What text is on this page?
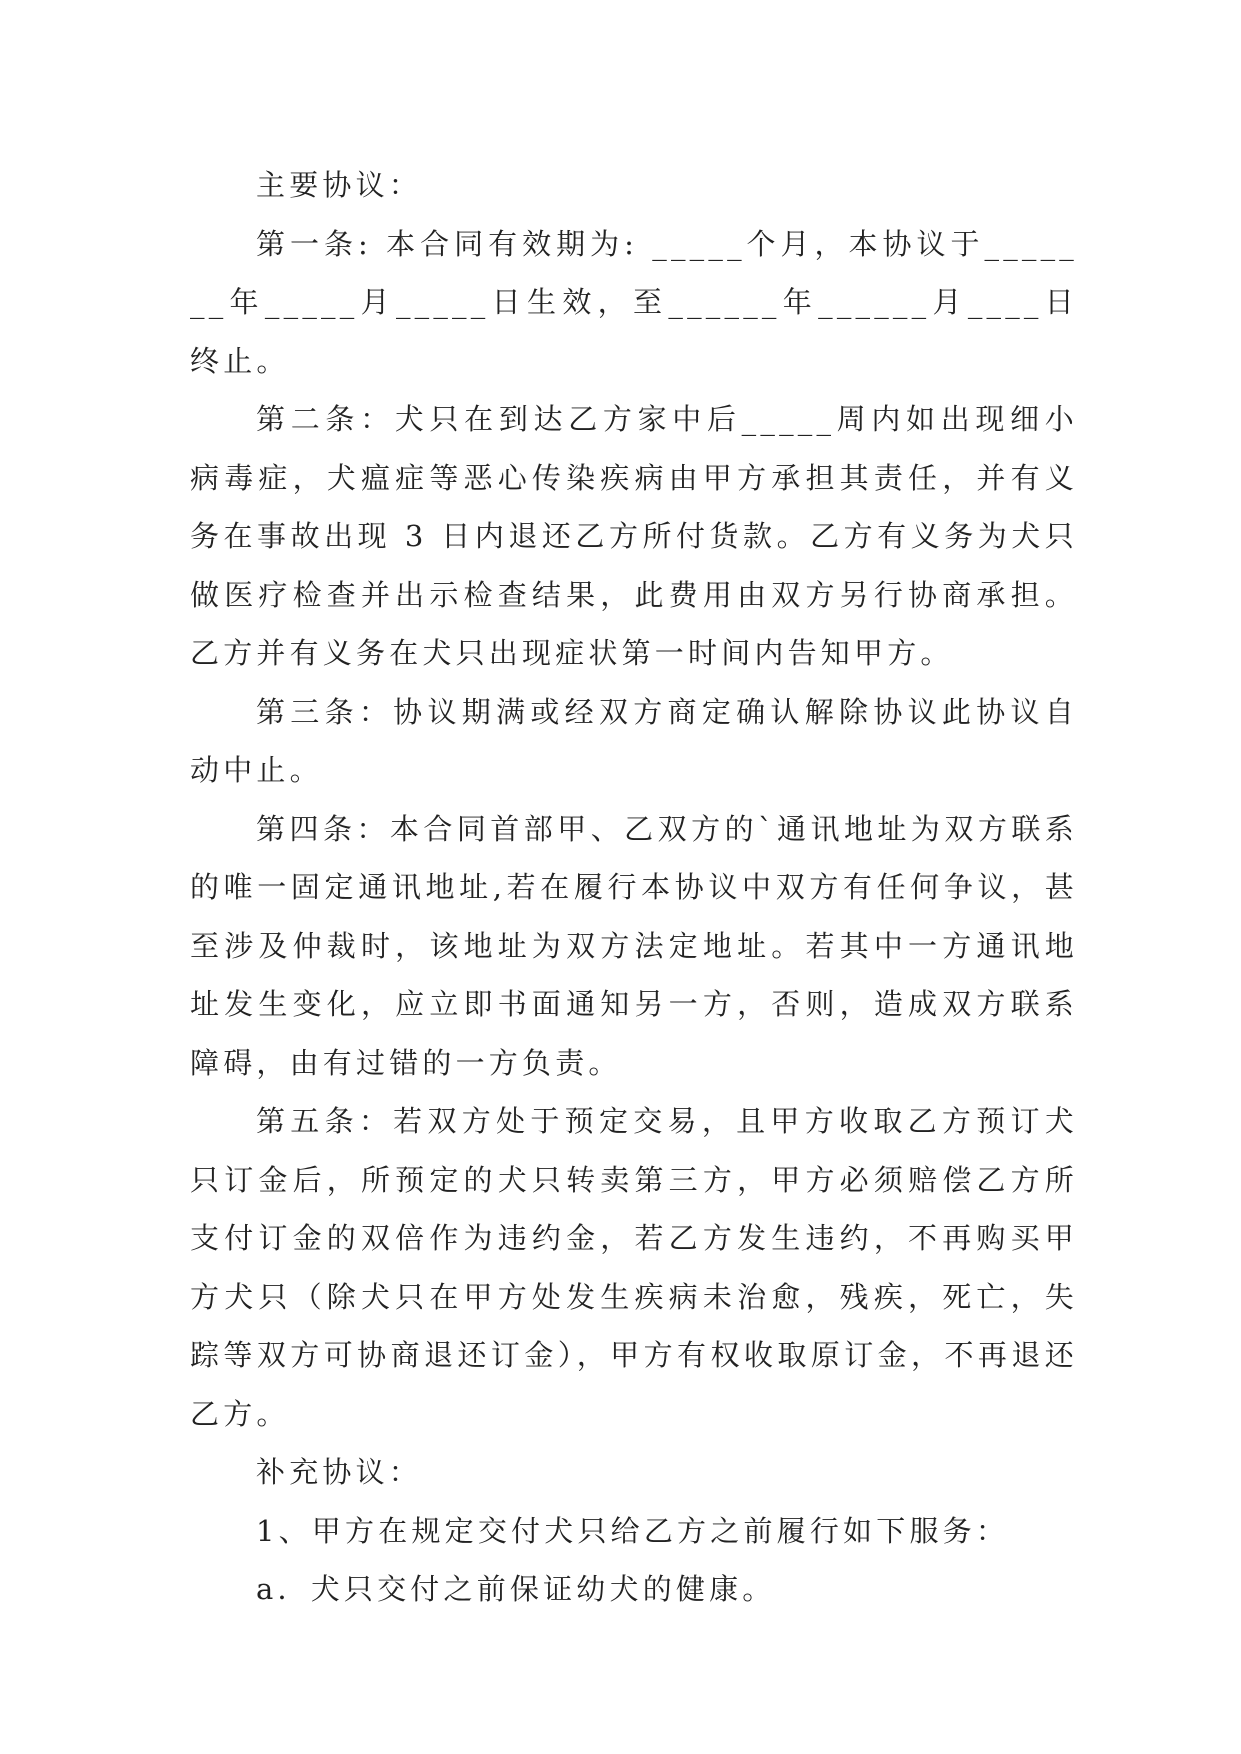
主要协议：

第一条: 本合同有效期为: _____个月，本协议于_______年_____月_____日生效，至______年______月____日终止。

第二条：犬只在到达乙方家中后_____周内如出现细小病毒症，犬瘟症等恶心传染疾病由甲方承担其责任，并有义务在事故出现 3 日内退还乙方所付货款。乙方有义务为犬只做医疗检查并出示检查结果，此费用由双方另行协商承担。乙方并有义务在犬只出现症状第一时间内告知甲方。

第三条：协议期满或经双方商定确认解除协议此协议自动中止。

第四条：本合同首部甲、乙双方的`通讯地址为双方联系的唯一固定通讯地址,若在履行本协议中双方有任何争议，甚至涉及仲裁时，该地址为双方法定地址。若其中一方通讯地址发生变化，应立即书面通知另一方，否则，造成双方联系障碍，由有过错的一方负责。

第五条：若双方处于预定交易，且甲方收取乙方预订犬只订金后，所预定的犬只转卖第三方，甲方必须赔偿乙方所支付订金的双倍作为违约金，若乙方发生违约，不再购买甲方犬只（除犬只在甲方处发生疾病未治愈，残疾，死亡，失踪等双方可协商退还订金），甲方有权收取原订金，不再退还乙方。

补充协议：

1、甲方在规定交付犬只给乙方之前履行如下服务：

a．犬只交付之前保证幼犬的健康。
